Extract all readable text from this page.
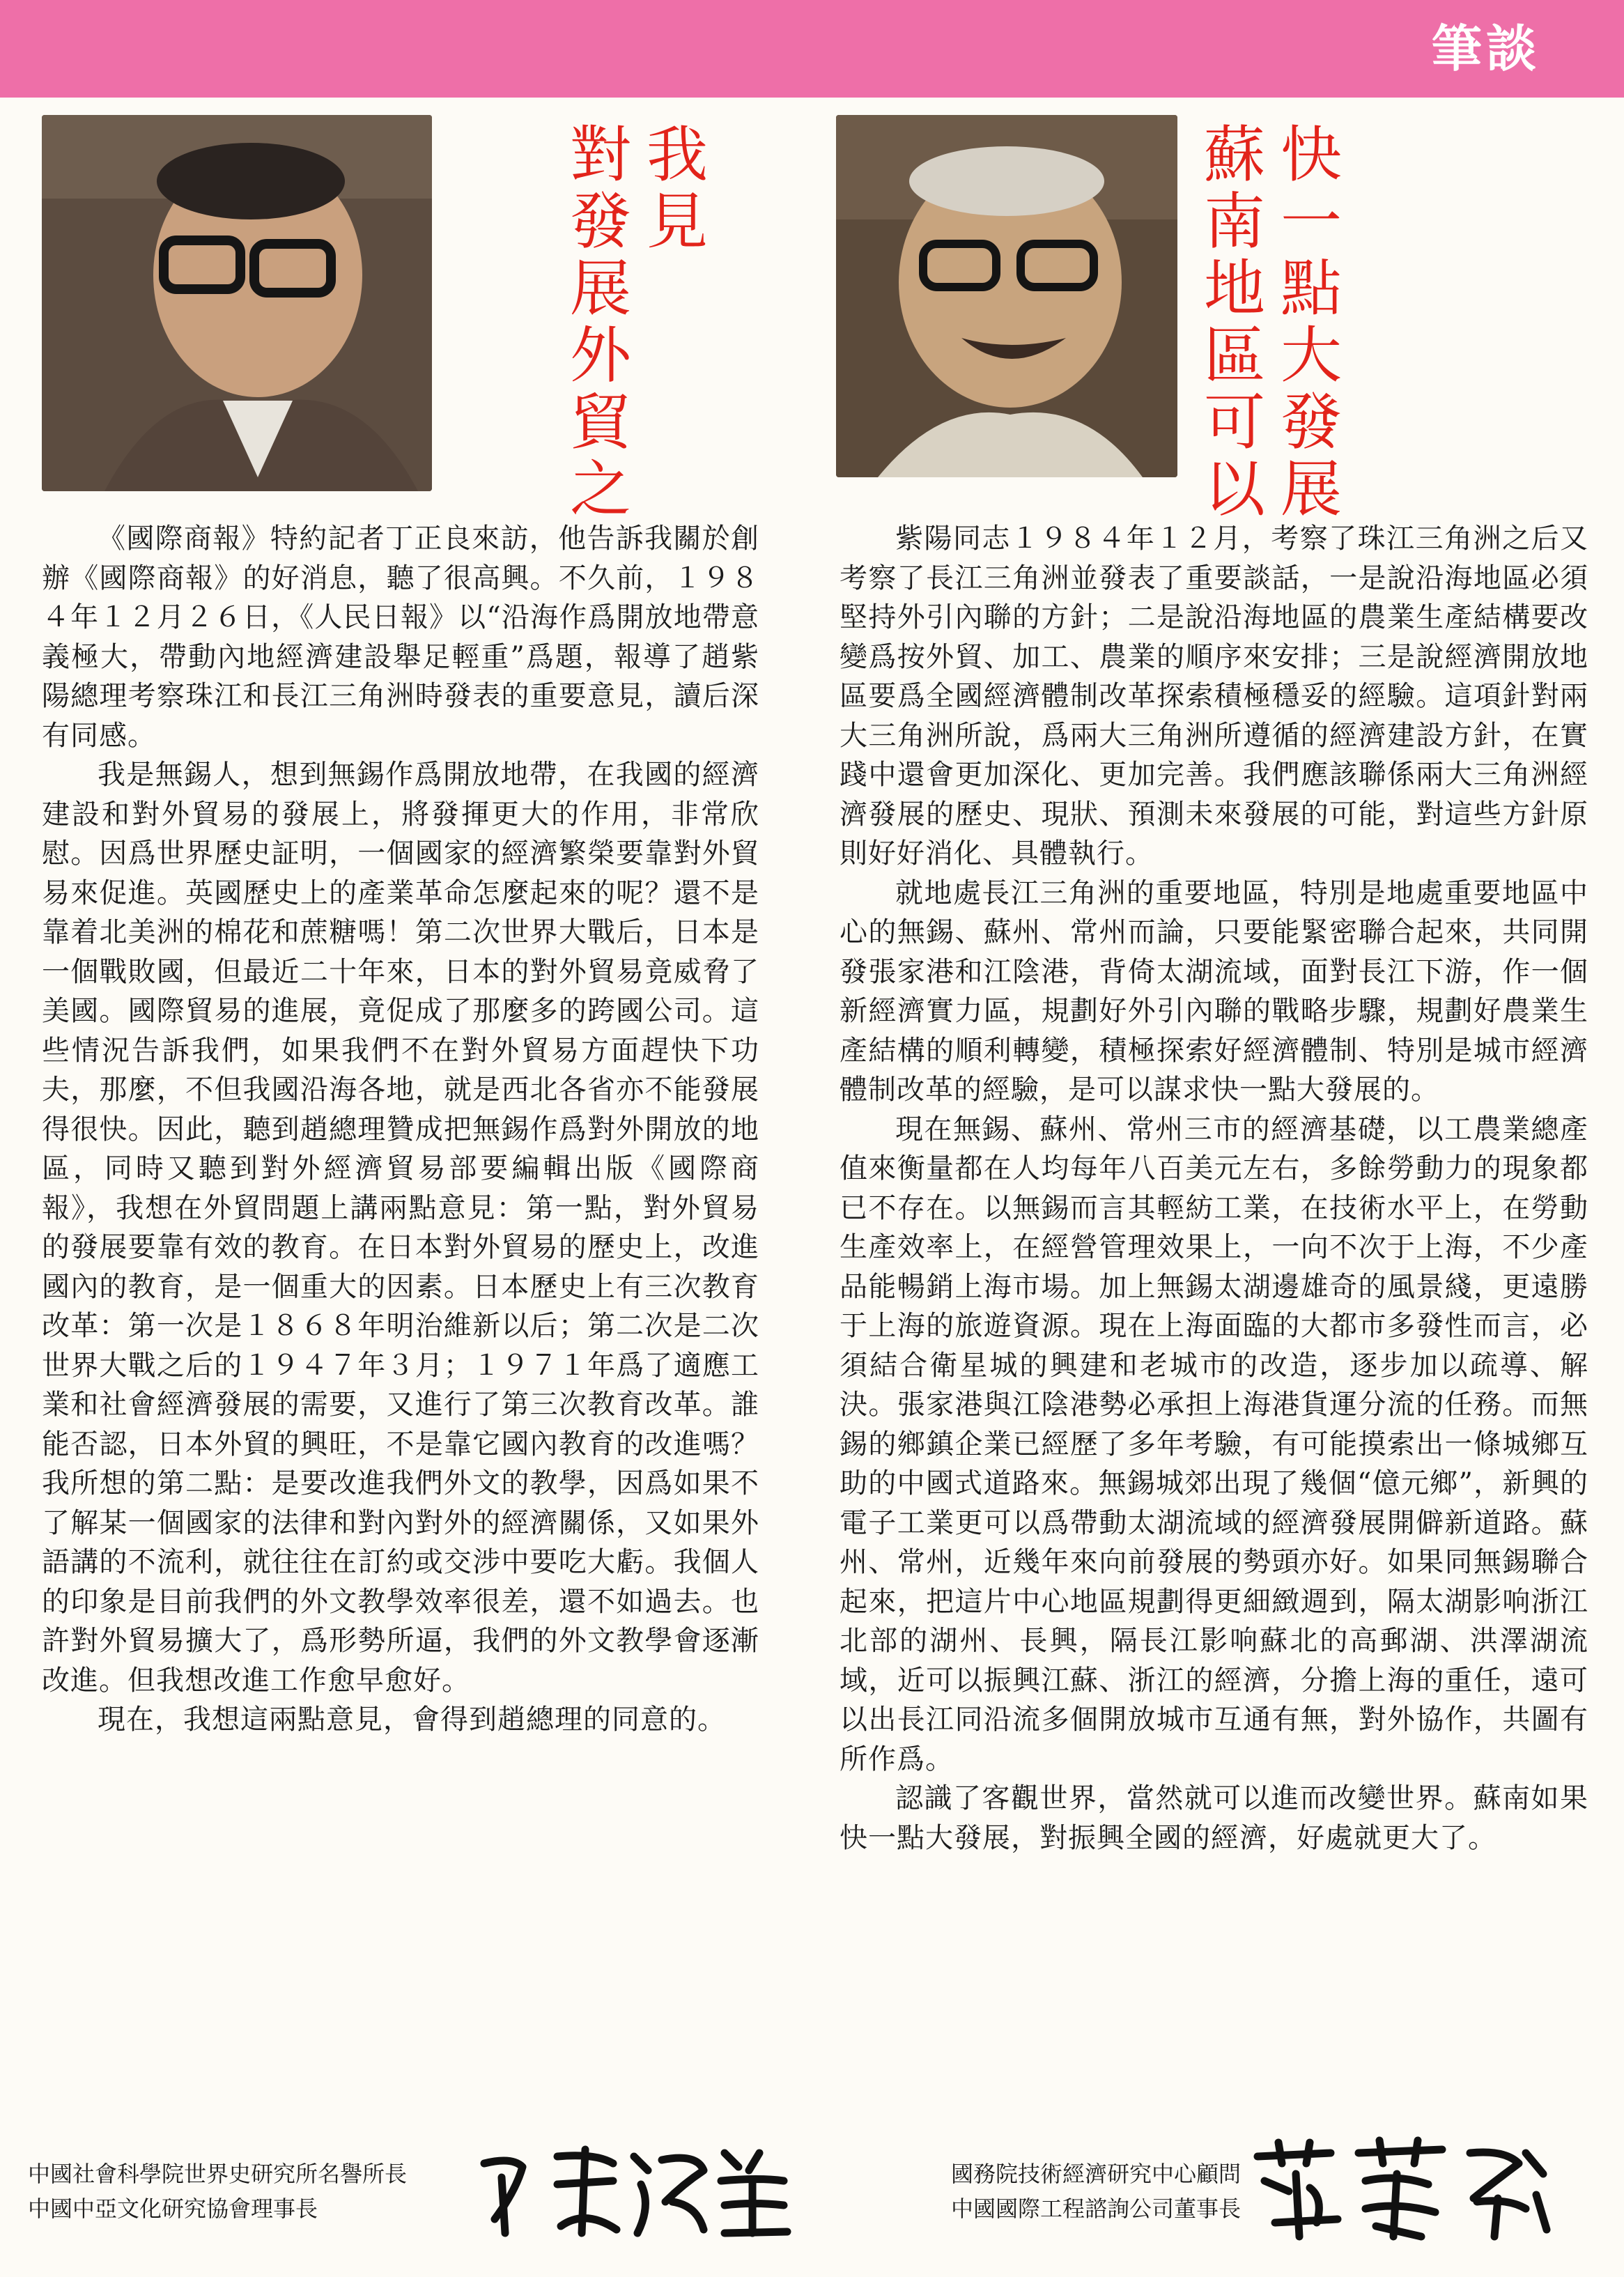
筆談
我見
對發展外貿之

《國際商報》特約記者丁正良來訪，他告訴我關於創辦《國際商報》的好消息，聽了很高興。不久前，１９８４年１２月２６日，《人民日報》以“沿海作爲開放地帶意義極大，帶動內地經濟建設舉足輕重”爲題，報導了趙紫陽總理考察珠江和長江三角洲時發表的重要意見，讀后深有同感。

我是無錫人，想到無錫作爲開放地帶，在我國的經濟建設和對外貿易的發展上，將發揮更大的作用，非常欣慰。因爲世界歷史証明，一個國家的經濟繁榮要靠對外貿易來促進。英國歷史上的產業革命怎麼起來的呢？還不是靠着北美洲的棉花和蔗糖嗎！第二次世界大戰后，日本是一個戰敗國，但最近二十年來，日本的對外貿易竟威脅了美國。國際貿易的進展，竟促成了那麼多的跨國公司。這些情況告訴我們，如果我們不在對外貿易方面趕快下功夫，那麼，不但我國沿海各地，就是西北各省亦不能發展得很快。因此，聽到趙總理贊成把無錫作爲對外開放的地區，同時又聽到對外經濟貿易部要編輯出版《國際商報》，我想在外貿問題上講兩點意見：第一點，對外貿易的發展要靠有效的教育。在日本對外貿易的歷史上，改進國內的教育，是一個重大的因素。日本歷史上有三次教育改革：第一次是１８６８年明治維新以后；第二次是二次世界大戰之后的１９４７年３月；１９７１年爲了適應工業和社會經濟發展的需要，又進行了第三次教育改革。誰能否認，日本外貿的興旺，不是靠它國內教育的改進嗎？我所想的第二點：是要改進我們外文的教學，因爲如果不了解某一個國家的法律和對內對外的經濟關係，又如果外語講的不流利，就往往在訂約或交涉中要吃大虧。我個人的印象是目前我們的外文教學效率很差，還不如過去。也許對外貿易擴大了，爲形勢所逼，我們的外文教學會逐漸改進。但我想改進工作愈早愈好。

現在，我想這兩點意見，會得到趙總理的同意的。

中國社會科學院世界史研究所名譽所長
中國中亞文化研究協會理事長
快一點大發展
蘇南地區可以

紫陽同志１９８４年１２月，考察了珠江三角洲之后又考察了長江三角洲並發表了重要談話，一是說沿海地區必須堅持外引內聯的方針；二是說沿海地區的農業生產結構要改變爲按外貿、加工、農業的順序來安排；三是說經濟開放地區要爲全國經濟體制改革探索積極穩妥的經驗。這項針對兩大三角洲所說，爲兩大三角洲所遵循的經濟建設方針，在實踐中還會更加深化、更加完善。我們應該聯係兩大三角洲經濟發展的歷史、現狀、預測未來發展的可能，對這些方針原則好好消化、具體執行。

就地處長江三角洲的重要地區，特別是地處重要地區中心的無錫、蘇州、常州而論，只要能緊密聯合起來，共同開發張家港和江陰港，背倚太湖流域，面對長江下游，作一個新經濟實力區，規劃好外引內聯的戰略步驟，規劃好農業生產結構的順利轉變，積極探索好經濟體制、特別是城市經濟體制改革的經驗，是可以謀求快一點大發展的。

現在無錫、蘇州、常州三市的經濟基礎，以工農業總產值來衡量都在人均每年八百美元左右，多餘勞動力的現象都已不存在。以無錫而言其輕紡工業，在技術水平上，在勞動生產效率上，在經營管理效果上，一向不次于上海，不少產品能暢銷上海市場。加上無錫太湖邊雄奇的風景綫，更遠勝于上海的旅遊資源。現在上海面臨的大都市多發性而言，必須結合衛星城的興建和老城市的改造，逐步加以疏導、解決。張家港與江陰港勢必承担上海港貨運分流的任務。而無錫的鄉鎮企業已經歷了多年考驗，有可能摸索出一條城鄉互助的中國式道路來。無錫城郊出現了幾個“億元鄉”，新興的電子工業更可以爲帶動太湖流域的經濟發展開僻新道路。蘇州、常州，近幾年來向前發展的勢頭亦好。如果同無錫聯合起來，把這片中心地區規劃得更細緻週到，隔太湖影响浙江北部的湖州、長興，隔長江影响蘇北的高郵湖、洪澤湖流域，近可以振興江蘇、浙江的經濟，分擔上海的重任，遠可以出長江同沿流多個開放城市互通有無，對外協作，共圖有所作爲。

認識了客觀世界，當然就可以進而改變世界。蘇南如果快一點大發展，對振興全國的經濟，好處就更大了。

國務院技術經濟研究中心顧問
中國國際工程諮詢公司董事長
